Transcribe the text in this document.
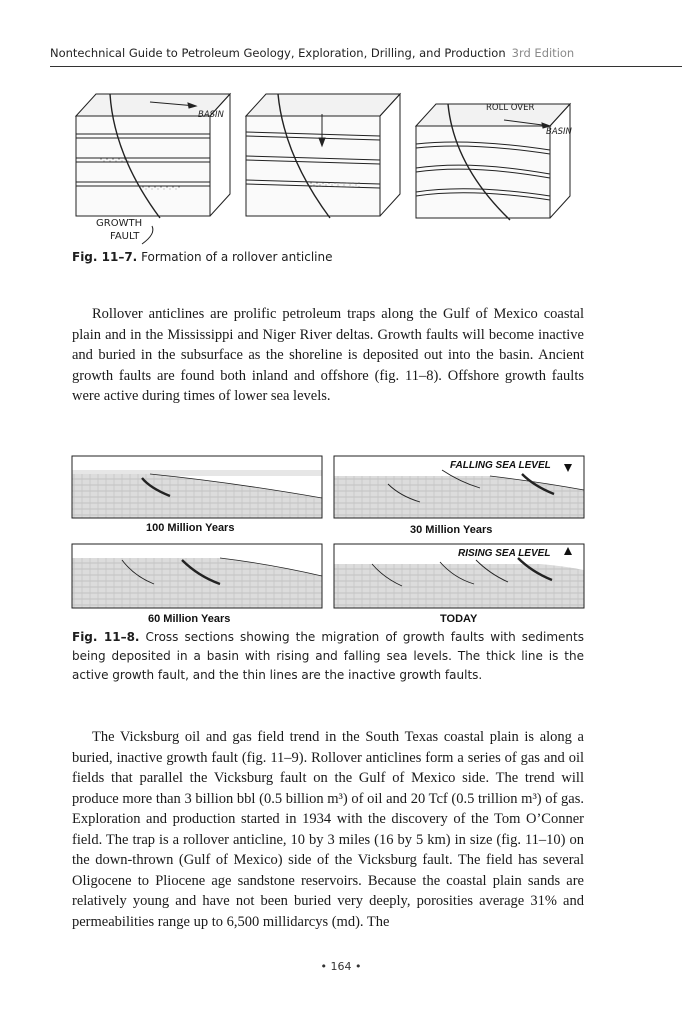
Nontechnical Guide to Petroleum Geology, Exploration, Drilling, and Production 3rd Edition
BASIN
ROLL OVER
BASIN
GROWTH
FAULT
Fig. 11–7. Formation of a rollover anticline

Rollover anticlines are prolific petroleum traps along the Gulf of Mexico coastal plain and in the Mississippi and Niger River deltas. Growth faults will become inactive and buried in the subsurface as the shoreline is deposited out into the basin. Ancient growth faults are found both inland and offshore (fig. 11–8). Offshore growth faults were active during times of lower sea levels.

100 Million Years	30 Million Years
60 Million Years	TODAY
FALLING SEA LEVEL
RISING SEA LEVEL
Fig. 11–8. Cross sections showing the migration of growth faults with sediments being deposited in a basin with rising and falling sea levels. The thick line is the active growth fault, and the thin lines are the inactive growth faults.

The Vicksburg oil and gas field trend in the South Texas coastal plain is along a buried, inactive growth fault (fig. 11–9). Rollover anticlines form a series of gas and oil fields that parallel the Vicksburg fault on the Gulf of Mexico side. The trend will produce more than 3 billion bbl (0.5 billion m³) of oil and 20 Tcf (0.5 trillion m³) of gas. Exploration and production started in 1934 with the discovery of the Tom O’Conner field. The trap is a rollover anticline, 10 by 3 miles (16 by 5 km) in size (fig. 11–10) on the down-thrown (Gulf of Mexico) side of the Vicksburg fault. The field has several Oligocene to Pliocene age sandstone reservoirs. Because the coastal plain sands are relatively young and have not been buried very deeply, porosities average 31% and permeabilities range up to 6,500 millidarcys (md). The

• 164 •
